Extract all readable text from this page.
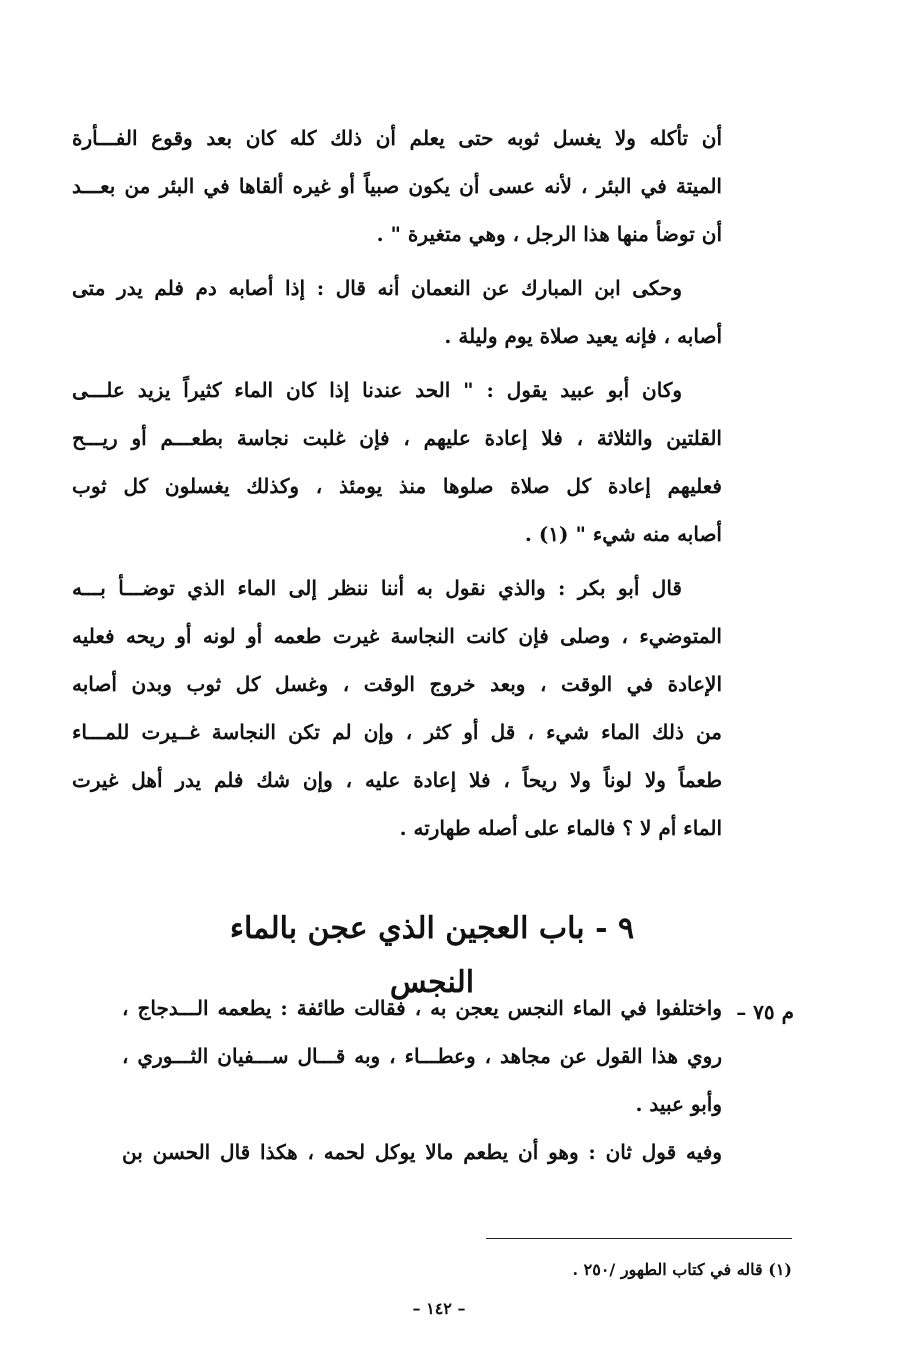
أن تأكله ولا يغسل ثوبه حتى يعلم أن ذلك كله كان بعد وقوع الفـــأرة
الميتة في البئر ، لأنه عسى أن يكون صبياً أو غيره ألقاها في البئر من بعـــد
أن توضأ منها هذا الرجل ، وهي متغيرة " .
وحكى ابن المبارك عن النعمان أنه قال : إذا أصابه دم فلم يدر متى
أصابه ، فإنه يعيد صلاة يوم وليلة .
وكان أبو عبيد يقول : " الحد عندنا إذا كان الماء كثيراً يزيد علـــى
القلتين والثلاثة ، فلا إعادة عليهم ، فإن غلبت نجاسة بطعـــم أو ريـــح
فعليهم إعادة كل صلاة صلوها منذ يومئذ ، وكذلك يغسلون كل ثوب
أصابه منه شيء " (١) .
قال أبو بكر : والذي نقول به أننا ننظر إلى الماء الذي توضـــأ بـــه
المتوضيء ، وصلى فإن كانت النجاسة غيرت طعمه أو لونه أو ريحه فعليه
الإعادة في الوقت ، وبعد خروج الوقت ، وغسل كل ثوب وبدن أصابه
من ذلك الماء شيء ، قل أو كثر ، وإن لم تكن النجاسة غــيرت للمـــاء
طعماً ولا لوناً ولا ريحاً ، فلا إعادة عليه ، وإن شك فلم يدر أهل غيرت
الماء أم لا ؟ فالماء على أصله طهارته .
٩ - باب العجين الذي عجن بالماء النجس
م ٧٥ –
واختلفوا في الماء النجس يعجن به ، فقالت طائفة : يطعمه الـــدجاج ،
روي هذا القول عن مجاهد ، وعطـــاء ، وبه قـــال ســـفيان الثـــوري ،
وأبو عبيد .
وفيه قول ثان : وهو أن يطعم مالا يوكل لحمه ، هكذا قال الحسن بن
(١) قاله في كتاب الطهور /٢٥٠ .
– ١٤٢ –
